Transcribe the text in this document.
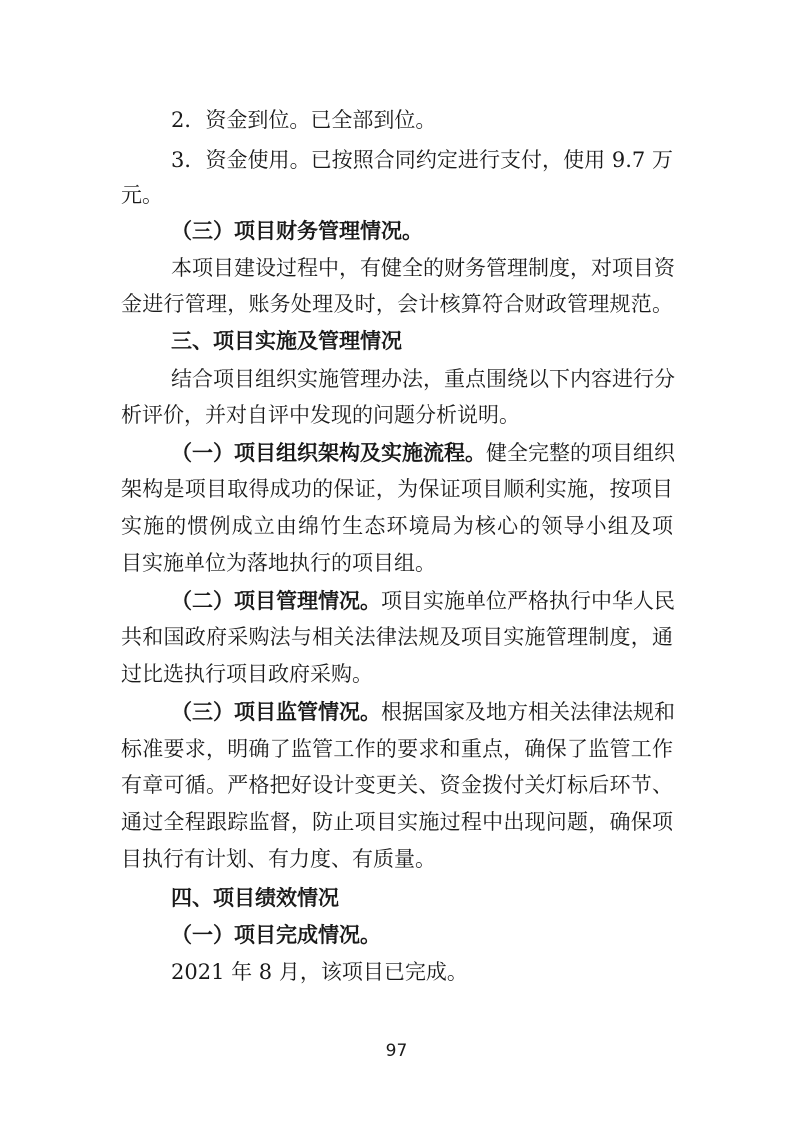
2．资金到位。已全部到位。

3．资金使用。已按照合同约定进行支付，使用 9.7 万

元。

（三）项目财务管理情况。

本项目建设过程中，有健全的财务管理制度，对项目资

金进行管理，账务处理及时，会计核算符合财政管理规范。

三、项目实施及管理情况

结合项目组织实施管理办法，重点围绕以下内容进行分

析评价，并对自评中发现的问题分析说明。

（一）项目组织架构及实施流程。健全完整的项目组织

架构是项目取得成功的保证，为保证项目顺利实施，按项目

实施的惯例成立由绵竹生态环境局为核心的领导小组及项

目实施单位为落地执行的项目组。

（二）项目管理情况。项目实施单位严格执行中华人民

共和国政府采购法与相关法律法规及项目实施管理制度，通

过比选执行项目政府采购。

（三）项目监管情况。根据国家及地方相关法律法规和

标准要求，明确了监管工作的要求和重点，确保了监管工作

有章可循。严格把好设计变更关、资金拨付关灯标后环节、

通过全程跟踪监督，防止项目实施过程中出现问题，确保项

目执行有计划、有力度、有质量。

四、项目绩效情况

（一）项目完成情况。

2021 年 8 月，该项目已完成。

97
